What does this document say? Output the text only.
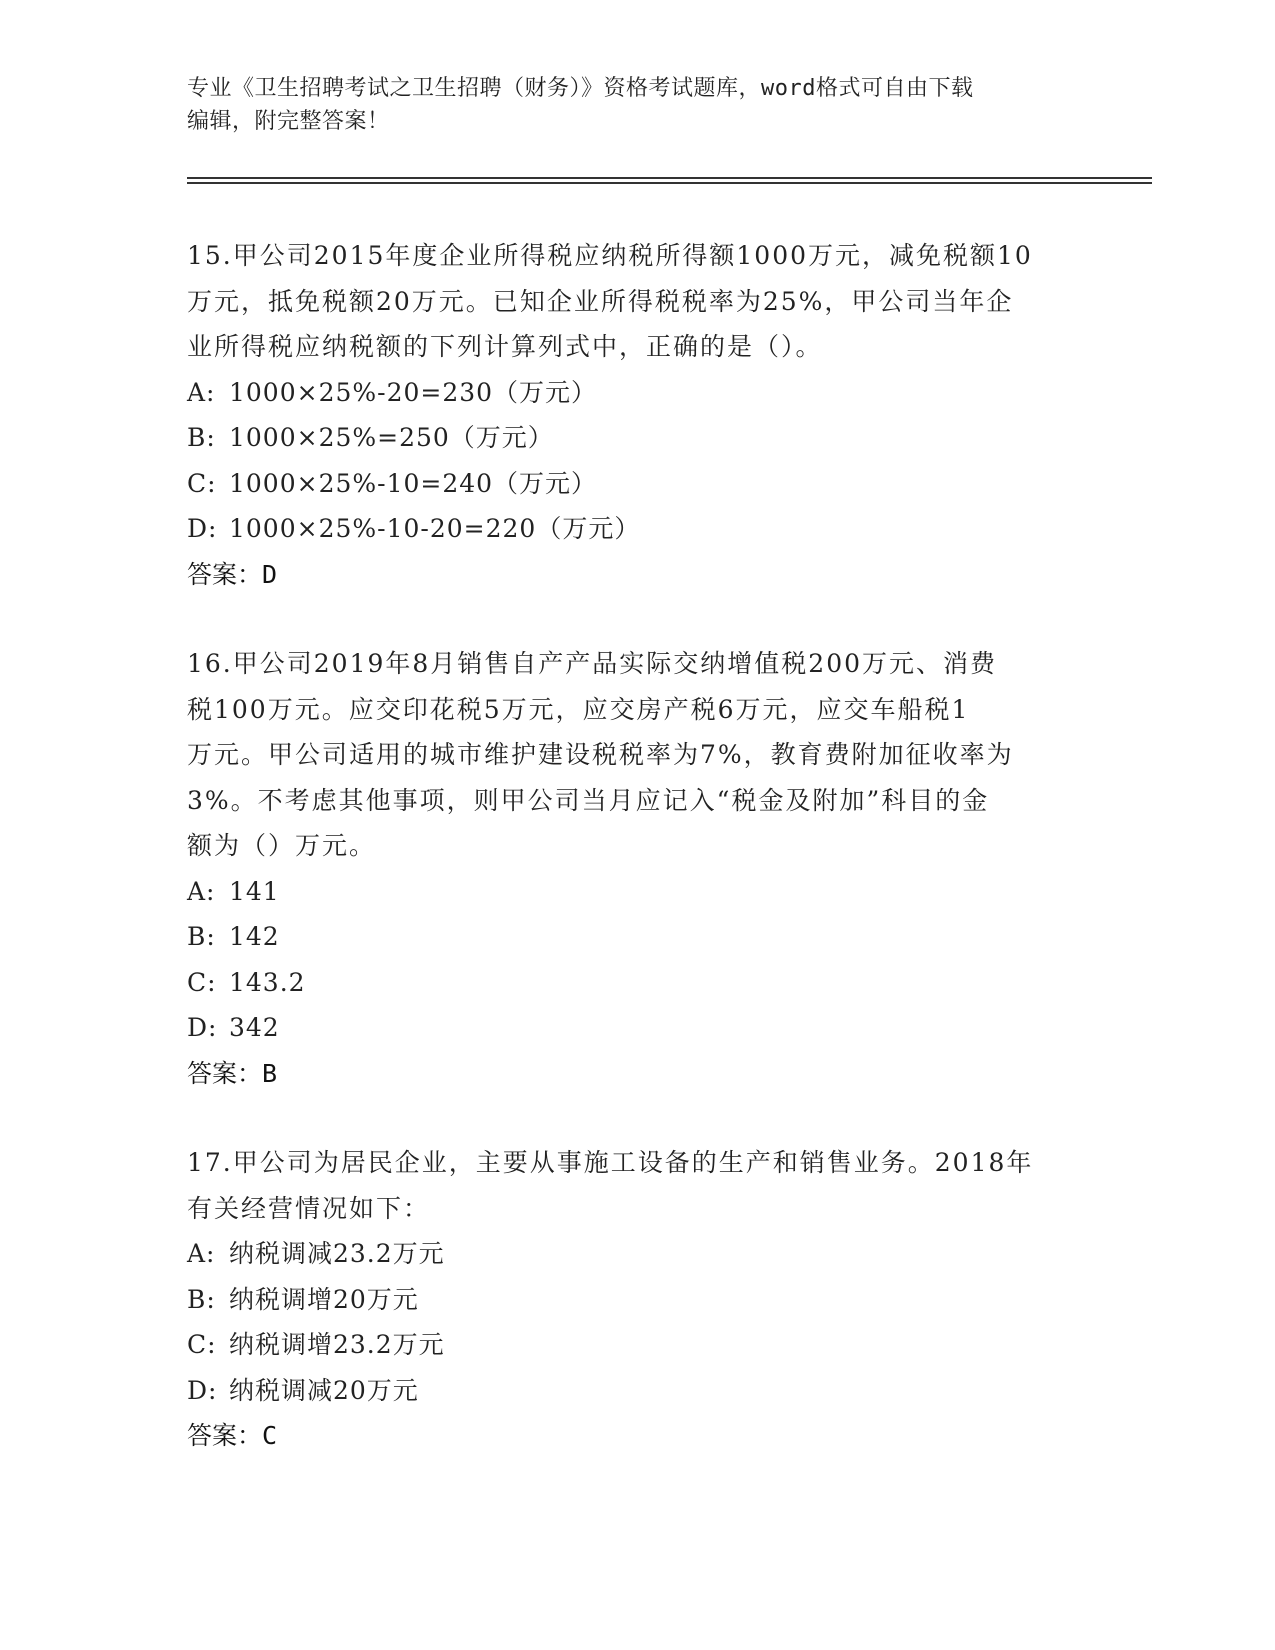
专业《卫生招聘考试之卫生招聘（财务）》资格考试题库，word格式可自由下载
编辑，附完整答案！

15.甲公司2015年度企业所得税应纳税所得额1000万元，减免税额10

万元，抵免税额20万元。已知企业所得税税率为25%，甲公司当年企

业所得税应纳税额的下列计算列式中，正确的是（）。

A: 1000×25%-20=230（万元）

B: 1000×25%=250（万元）

C: 1000×25%-10=240（万元）

D: 1000×25%-10-20=220（万元）

答案：D

16.甲公司2019年8月销售自产产品实际交纳增值税200万元、消费

税100万元。应交印花税5万元，应交房产税6万元，应交车船税1

万元。甲公司适用的城市维护建设税税率为7%，教育费附加征收率为

3%。不考虑其他事项，则甲公司当月应记入“税金及附加”科目的金

额为（）万元。

A: 141

B: 142

C: 143.2

D: 342

答案：B

17.甲公司为居民企业，主要从事施工设备的生产和销售业务。2018年

有关经营情况如下：

A: 纳税调减23.2万元

B: 纳税调增20万元

C: 纳税调增23.2万元

D: 纳税调减20万元

答案：C
